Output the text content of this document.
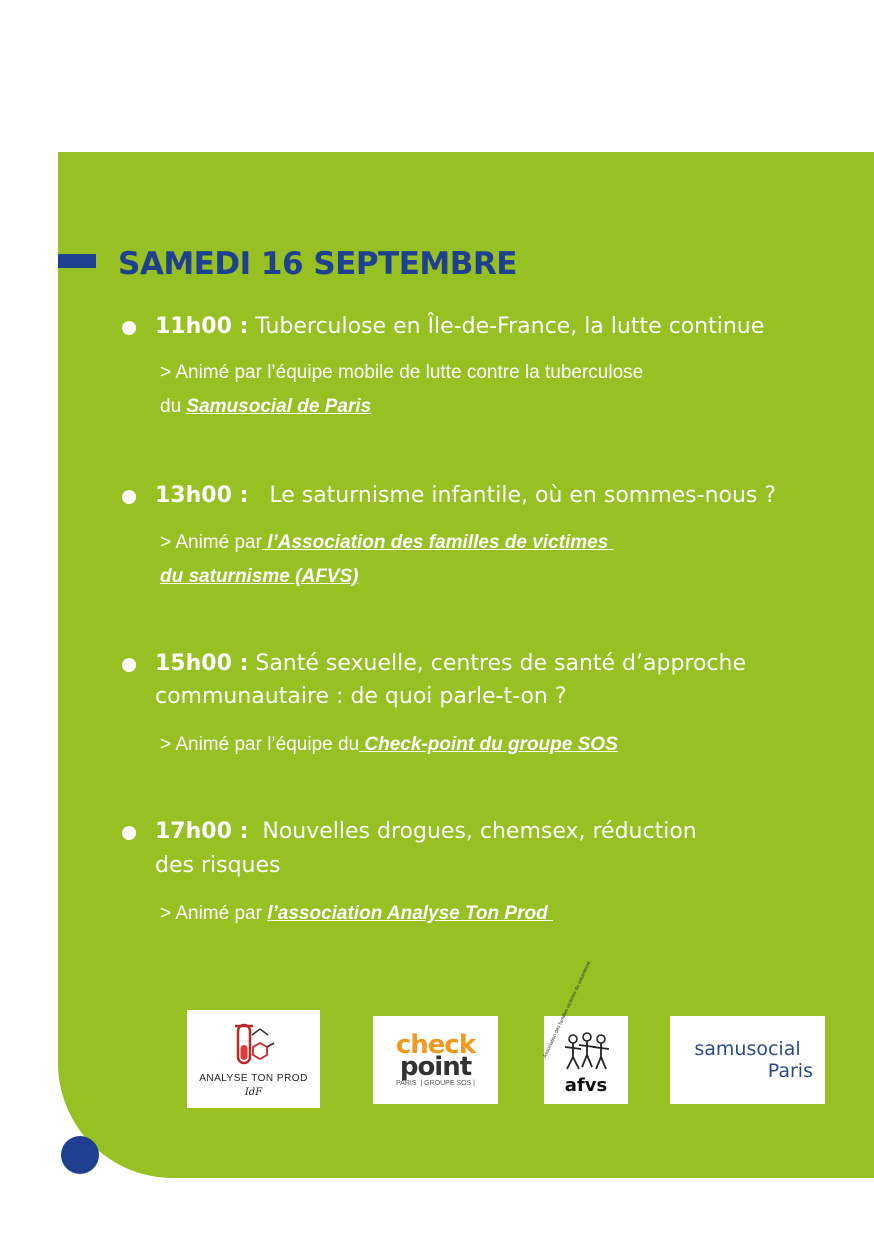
SAMEDI 16 SEPTEMBRE
11h00 : Tuberculose en Île-de-France, la lutte continue
> Animé par l’équipe mobile de lutte contre la tuberculose
du Samusocial de Paris
13h00 : Le saturnisme infantile, où en sommes-nous ?
> Animé par l’Association des familles de victimes
du saturnisme (AFVS)
15h00 : Santé sexuelle, centres de santé d’approche
communautaire : de quoi parle-t-on ?
> Animé par l’équipe du Check-point du groupe SOS
17h00 : Nouvelles drogues, chemsex, réduction
des risques
> Animé par l’association Analyse Ton Prod
ANALYSE TON PROD
IdF
check
point
PARIS  | GROUPE SOS |	afvs
samusocial
Paris
